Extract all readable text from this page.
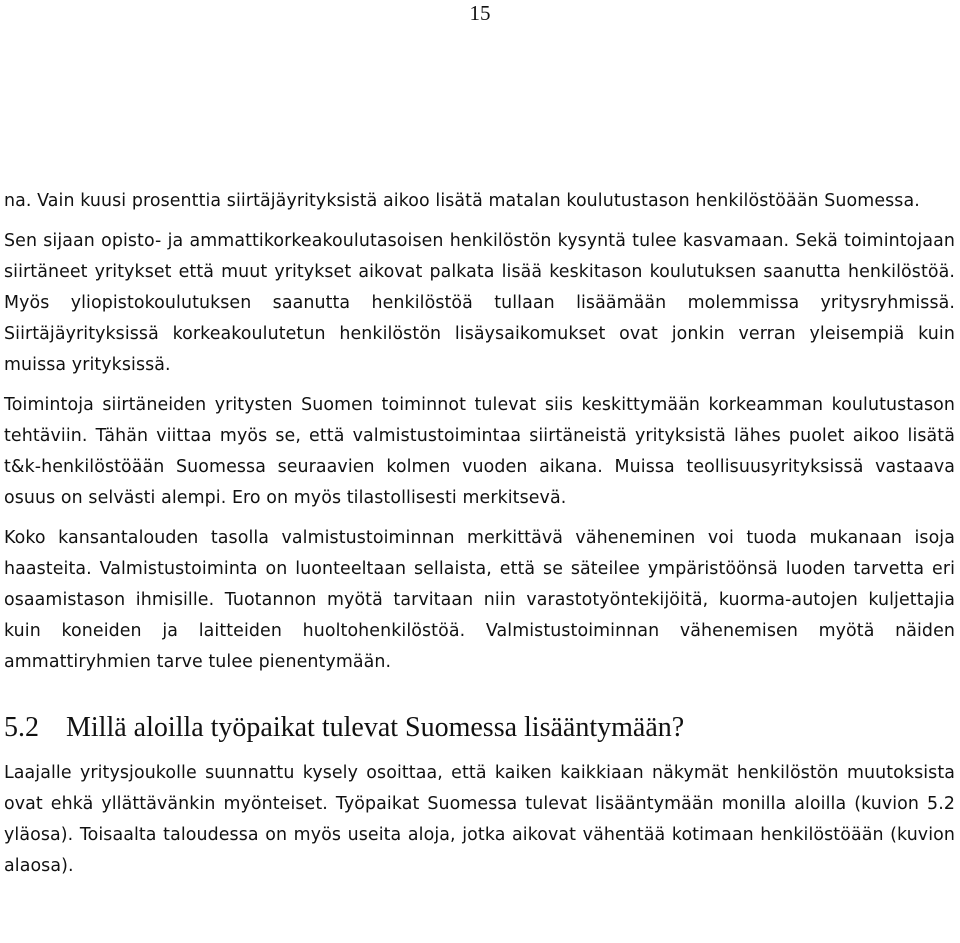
15

na. Vain kuusi prosenttia siirtäjäyrityksistä aikoo lisätä matalan koulutustason henkilöstöään Suomessa.

Sen sijaan opisto- ja ammattikorkeakoulutasoisen henkilöstön kysyntä tulee kasvamaan. Sekä toimintojaan siirtäneet yritykset että muut yritykset aikovat palkata lisää keskitason koulutuksen saanutta henkilöstöä. Myös yliopistokoulutuksen saanutta henkilöstöä tullaan lisäämään molemmissa yritysryhmissä. Siirtäjäyrityksissä korkeakoulutetun henkilöstön lisäysaikomukset ovat jonkin verran yleisempiä kuin muissa yrityksissä.

Toimintoja siirtäneiden yritysten Suomen toiminnot tulevat siis keskittymään korkeamman koulutustason tehtäviin. Tähän viittaa myös se, että valmistustoimintaa siirtäneistä yrityksistä lähes puolet aikoo lisätä t&k-henkilöstöään Suomessa seuraavien kolmen vuoden aikana. Muissa teollisuusyrityksissä vastaava osuus on selvästi alempi. Ero on myös tilastollisesti merkitsevä.

Koko kansantalouden tasolla valmistustoiminnan merkittävä väheneminen voi tuoda mukanaan isoja haasteita. Valmistustoiminta on luonteeltaan sellaista, että se säteilee ympäristöönsä luoden tarvetta eri osaamistason ihmisille. Tuotannon myötä tarvitaan niin varastotyöntekijöitä, kuorma-autojen kuljettajia kuin koneiden ja laitteiden huoltohenkilöstöä. Valmistustoiminnan vähenemisen myötä näiden ammattiryhmien tarve tulee pienentymään.

5.2 Millä aloilla työpaikat tulevat Suomessa lisääntymään?

Laajalle yritysjoukolle suunnattu kysely osoittaa, että kaiken kaikkiaan näkymät henkilöstön muutoksista ovat ehkä yllättävänkin myönteiset. Työpaikat Suomessa tulevat lisääntymään monilla aloilla (kuvion 5.2 yläosa). Toisaalta taloudessa on myös useita aloja, jotka aikovat vähentää kotimaan henkilöstöään (kuvion alaosa).
